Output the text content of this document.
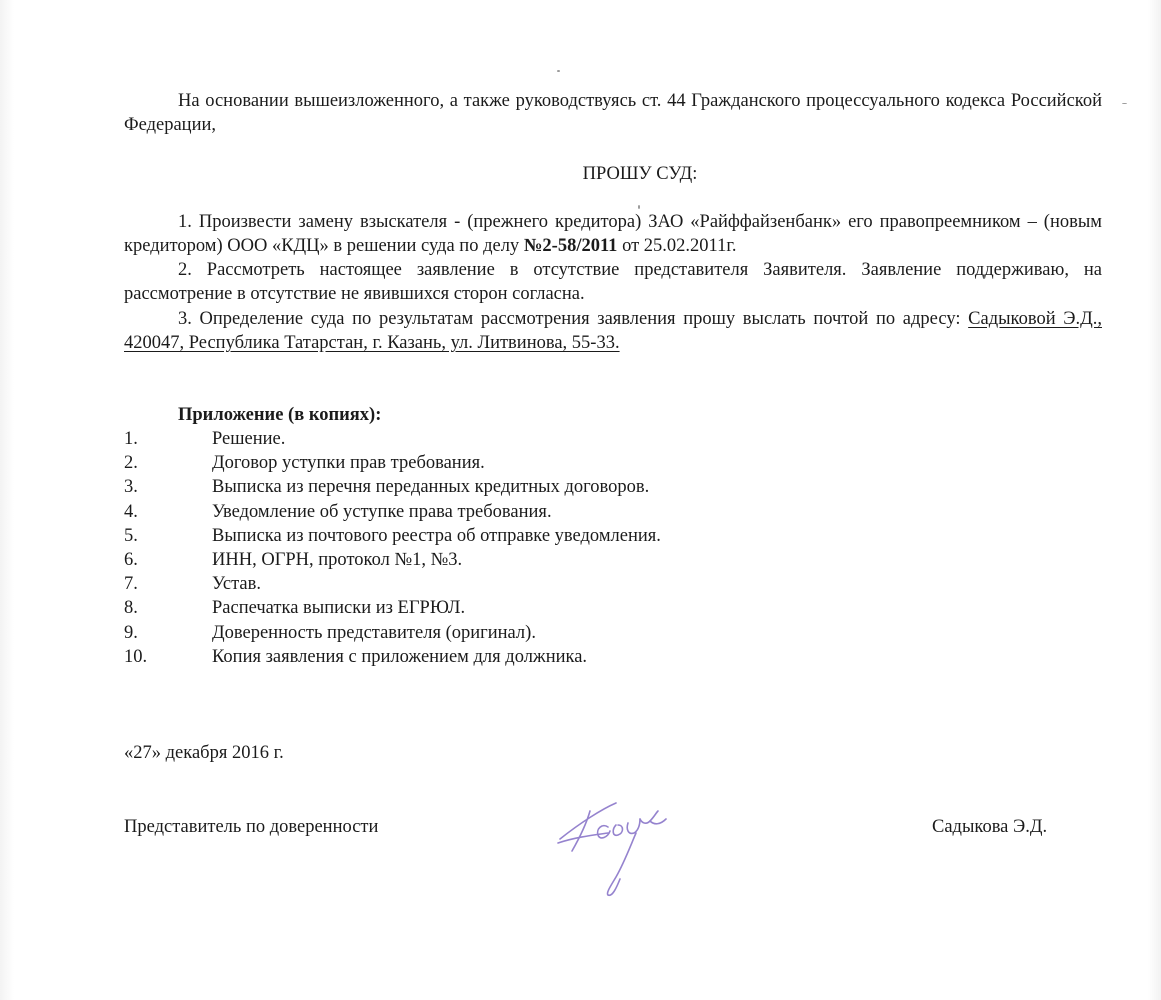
На основании вышеизложенного, а также руководствуясь ст. 44 Гражданского процессуального кодекса Российской Федерации,
ПРОШУ СУД:
1. Произвести замену взыскателя - (прежнего кредитора) ЗАО «Райффайзенбанк» его правопреемником – (новым кредитором) ООО «КДЦ» в решении суда по делу №2-58/2011 от 25.02.2011г.
2. Рассмотреть настоящее заявление в отсутствие представителя Заявителя. Заявление поддерживаю, на рассмотрение в отсутствие не явившихся сторон согласна.
3. Определение суда по результатам рассмотрения заявления прошу выслать почтой по адресу: Садыковой Э.Д., 420047, Республика Татарстан, г. Казань, ул. Литвинова, 55-33.
Приложение (в копиях):
1.	Решение.
2.	Договор уступки прав требования.
3.	Выписка из перечня переданных кредитных договоров.
4.	Уведомление об уступке права требования.
5.	Выписка из почтового реестра об отправке уведомления.
6.	ИНН, ОГРН, протокол №1, №3.
7.	Устав.
8.	Распечатка выписки из ЕГРЮЛ.
9.	Доверенность представителя (оригинал).
10.	Копия заявления с приложением для должника.
«27» декабря 2016 г.
Представитель по доверенности	Садыкова Э.Д.
